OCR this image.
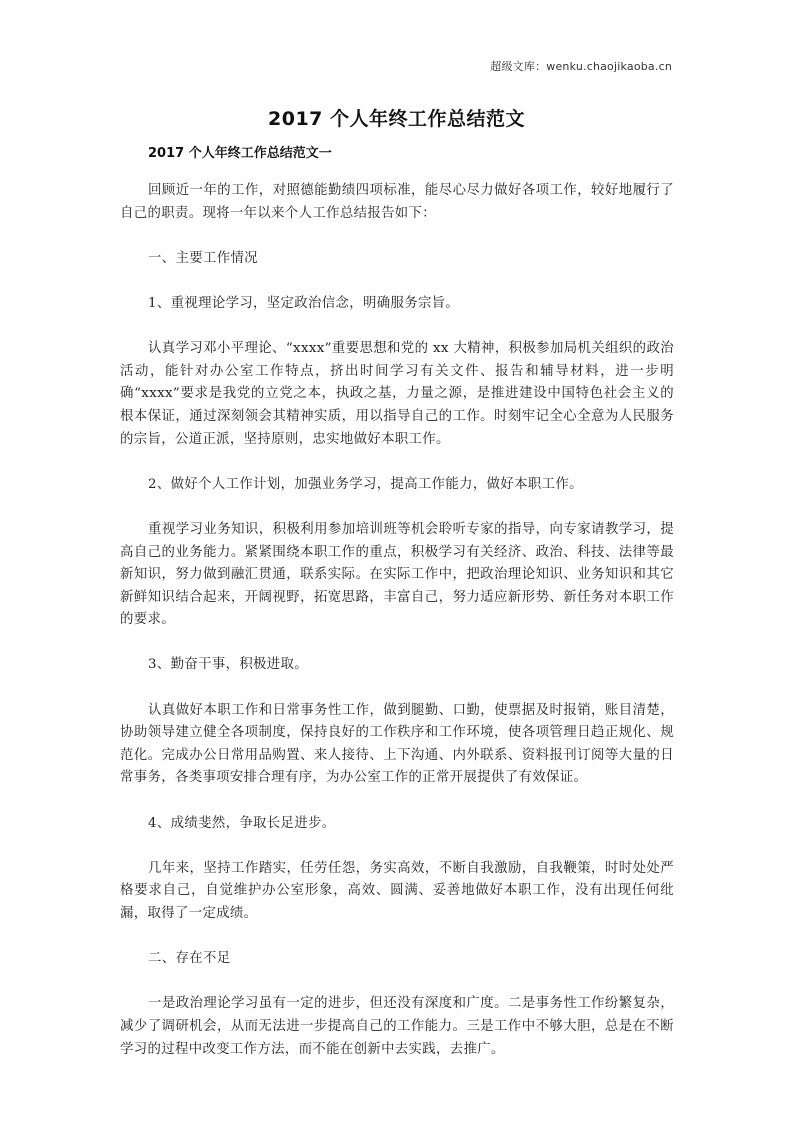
超级文库：wenku.chaojikaoba.cn
2017 个人年终工作总结范文
2017 个人年终工作总结范文一

回顾近一年的工作，对照德能勤绩四项标准，能尽心尽力做好各项工作，较好地履行了自己的职责。现将一年以来个人工作总结报告如下：

一、主要工作情况

1、重视理论学习，坚定政治信念，明确服务宗旨。

认真学习邓小平理论、“xxxx”重要思想和党的 xx 大精神，积极参加局机关组织的政治活动，能针对办公室工作特点，挤出时间学习有关文件、报告和辅导材料，进一步明确“xxxx”要求是我党的立党之本，执政之基，力量之源，是推进建设中国特色社会主义的根本保证，通过深刻领会其精神实质，用以指导自己的工作。时刻牢记全心全意为人民服务的宗旨，公道正派，坚持原则，忠实地做好本职工作。

2、做好个人工作计划，加强业务学习，提高工作能力，做好本职工作。

重视学习业务知识，积极利用参加培训班等机会聆听专家的指导，向专家请教学习，提高自己的业务能力。紧紧围绕本职工作的重点，积极学习有关经济、政治、科技、法律等最新知识，努力做到融汇贯通，联系实际。在实际工作中，把政治理论知识、业务知识和其它新鲜知识结合起来，开阔视野，拓宽思路，丰富自己，努力适应新形势、新任务对本职工作的要求。

3、勤奋干事，积极进取。

认真做好本职工作和日常事务性工作，做到腿勤、口勤，使票据及时报销，账目清楚，协助领导建立健全各项制度，保持良好的工作秩序和工作环境，使各项管理日趋正规化、规范化。完成办公日常用品购置、来人接待、上下沟通、内外联系、资料报刊订阅等大量的日常事务，各类事项安排合理有序，为办公室工作的正常开展提供了有效保证。

4、成绩斐然，争取长足进步。

几年来，坚持工作踏实，任劳任怨，务实高效，不断自我激励，自我鞭策，时时处处严格要求自己，自觉维护办公室形象，高效、圆满、妥善地做好本职工作，没有出现任何纰漏，取得了一定成绩。

二、存在不足

一是政治理论学习虽有一定的进步，但还没有深度和广度。二是事务性工作纷繁复杂，减少了调研机会，从而无法进一步提高自己的工作能力。三是工作中不够大胆，总是在不断学习的过程中改变工作方法，而不能在创新中去实践，去推广。
